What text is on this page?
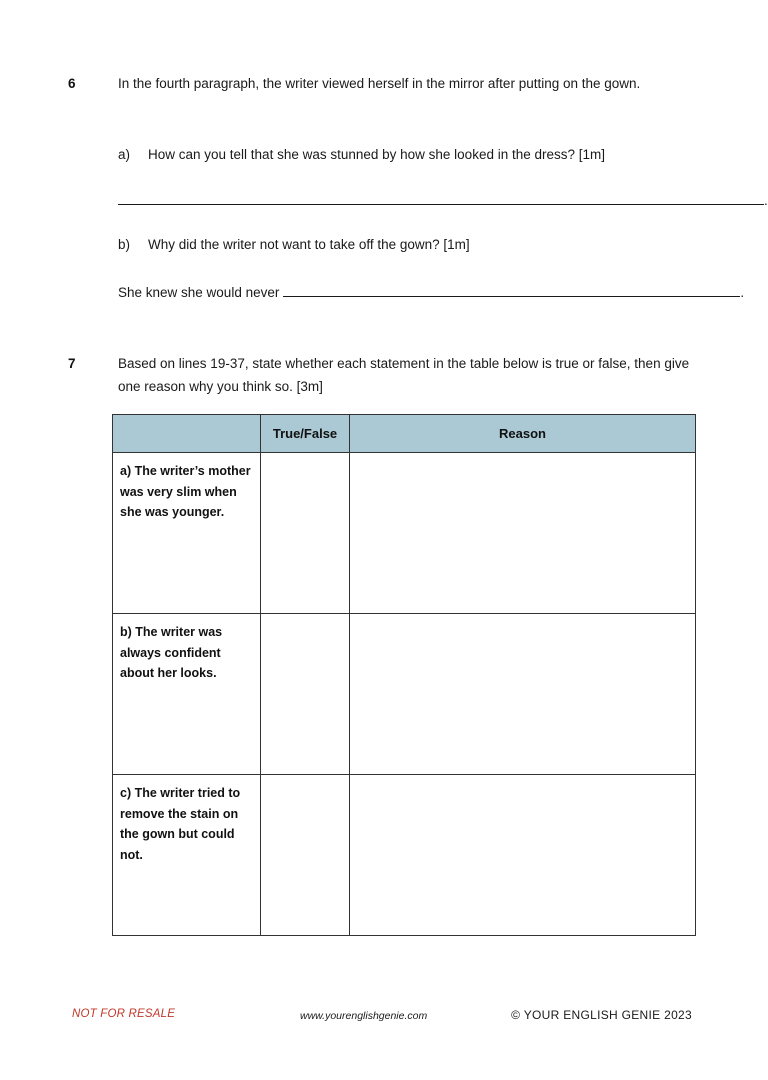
6	In the fourth paragraph, the writer viewed herself in the mirror after putting on the gown.
a) How can you tell that she was stunned by how she looked in the dress? [1m]
.
b) Why did the writer not want to take off the gown? [1m]
She knew she would never	.
7	Based on lines 19-37, state whether each statement in the table below is true or false, then give one reason why you think so. [3m]
	True/False	Reason
a) The writer’s mother was very slim when she was younger.		
b) The writer was always confident about her looks.		
c) The writer tried to remove the stain on the gown but could not.		
NOT FOR RESALE	www.yourenglishgenie.com	© YOUR ENGLISH GENIE 2023
